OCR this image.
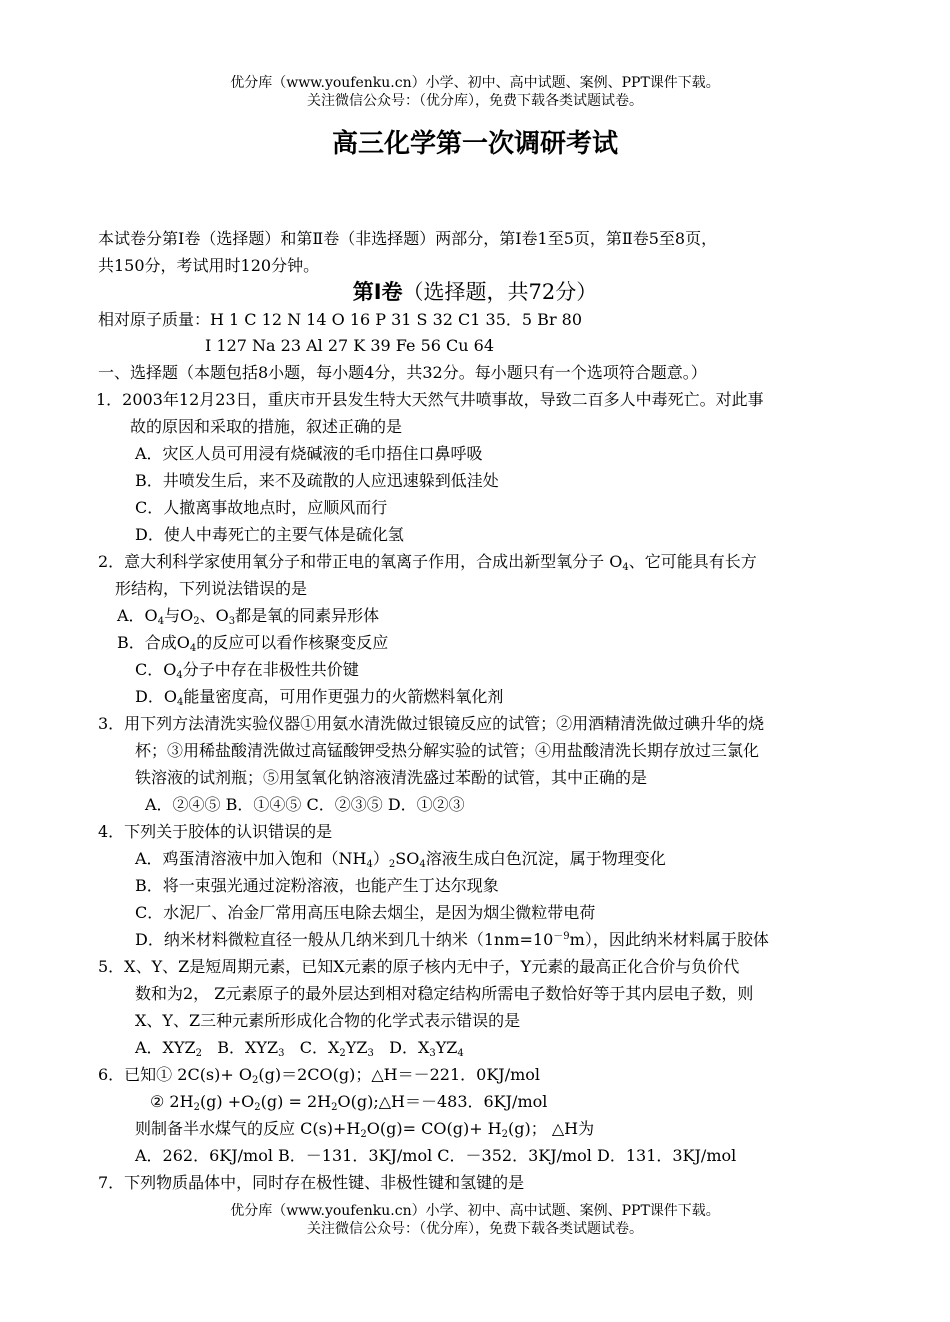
优分库（www.youfenku.cn）小学、初中、高中试题、案例、PPT课件下载。
关注微信公众号：（优分库），免费下载各类试题试卷。
高三化学第一次调研考试
本试卷分第Ⅰ卷（选择题）和第Ⅱ卷（非选择题）两部分，第Ⅰ卷1至5页，第Ⅱ卷5至8页，
共150分，考试用时120分钟。
第Ⅰ卷（选择题，共72分）
相对原子质量：H 1 C 12 N 14 O 16 P 31 S 32 C1 35．5 Br 80
I 127 Na 23 Al 27 K 39 Fe 56 Cu 64
一、选择题（本题包括8小题，每小题4分，共32分。每小题只有一个选项符合题意。）
1．2003年12月23日，重庆市开县发生特大天然气井喷事故，导致二百多人中毒死亡。对此事
故的原因和采取的措施，叙述正确的是
A．灾区人员可用浸有烧碱液的毛巾捂住口鼻呼吸
B．井喷发生后，来不及疏散的人应迅速躲到低洼处
C．人撤离事故地点时，应顺风而行
D．使人中毒死亡的主要气体是硫化氢
2．意大利科学家使用氧分子和带正电的氧离子作用，合成出新型氧分子 $O_4$、它可能具有长方
形结构，下列说法错误的是
A．$O_4$与$O_2$、$O_3$都是氧的同素异形体
B．合成$O_4$的反应可以看作核聚变反应
C．$O_4$分子中存在非极性共价键
D．$O_4$能量密度高，可用作更强力的火箭燃料氧化剂
3．用下列方法清洗实验仪器①用氨水清洗做过银镜反应的试管；②用酒精清洗做过碘升华的烧
杯；③用稀盐酸清洗做过高锰酸钾受热分解实验的试管；④用盐酸清洗长期存放过三氯化
铁溶液的试剂瓶；⑤用氢氧化钠溶液清洗盛过苯酚的试管，其中正确的是
A．②④⑤ B．①④⑤ C．②③⑤ D．①②③
4．下列关于胶体的认识错误的是
A．鸡蛋清溶液中加入饱和$(NH_4)_2SO_4$溶液生成白色沉淀，属于物理变化
B．将一束强光通过淀粉溶液，也能产生丁达尔现象
C．水泥厂、冶金厂常用高压电除去烟尘，是因为烟尘微粒带电荷
D．纳米材料微粒直径一般从几纳米到几十纳米$(1nm=10^{-9}m)$，因此纳米材料属于胶体
5．X、Y、Z是短周期元素，已知X元素的原子核内无中子，Y元素的最高正化合价与负价代
数和为2， Z元素原子的最外层达到相对稳定结构所需电子数恰好等于其内层电子数，则
X、Y、Z三种元素所形成化合物的化学式表示错误的是
A．$XYZ_2$ B．$XYZ_3$ C．$X_2YZ_3$ D．$X_3YZ_4$
6．已知① $2C(s)+ O_2(g)=2CO(g)$；△H＝－221．0KJ/mol
② $2H_2(g) +O_2(g)$ = $2H_2O(g);\triangle H=-483$．6KJ/mol
则制备半水煤气的反应 $C(s)+H_2O(g)= CO(g)+ H_2(g)$； △H为
A．262．6KJ/mol B．－131．3KJ/mol C．－352．3KJ/mol D．131．3KJ/mol
7．下列物质晶体中，同时存在极性键、非极性键和氢键的是
优分库（www.youfenku.cn）小学、初中、高中试题、案例、PPT课件下载。
关注微信公众号：（优分库），免费下载各类试题试卷。
